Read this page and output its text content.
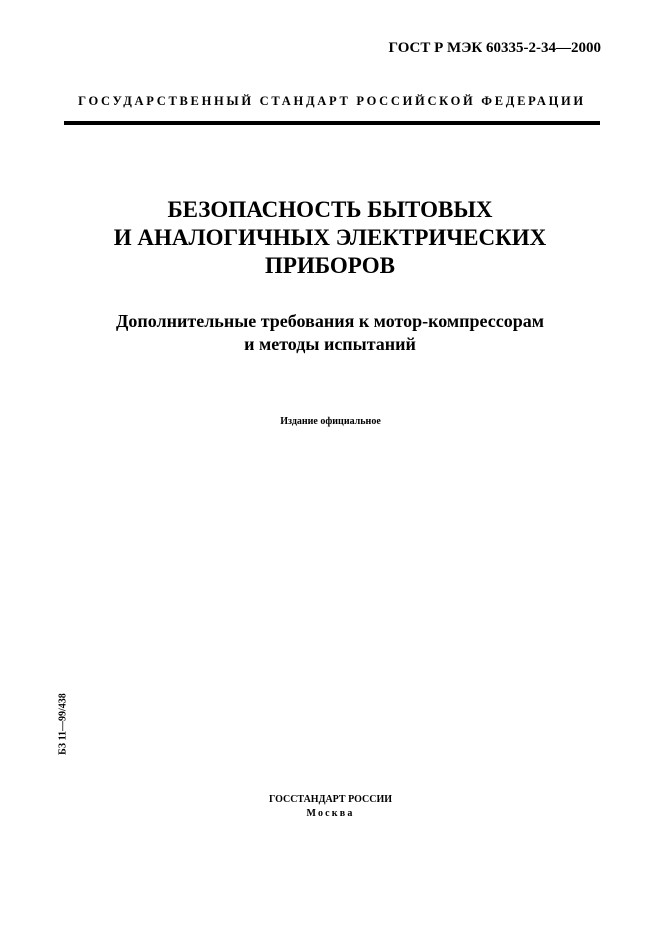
ГОСТ Р МЭК 60335-2-34—2000
ГОСУДАРСТВЕННЫЙ СТАНДАРТ РОССИЙСКОЙ ФЕДЕРАЦИИ
БЕЗОПАСНОСТЬ БЫТОВЫХ
И АНАЛОГИЧНЫХ ЭЛЕКТРИЧЕСКИХ
ПРИБОРОВ
Дополнительные требования к мотор-компрессорам
и методы испытаний
Издание официальное
БЗ 11—99/438
ГОССТАНДАРТ РОССИИ
Москва
